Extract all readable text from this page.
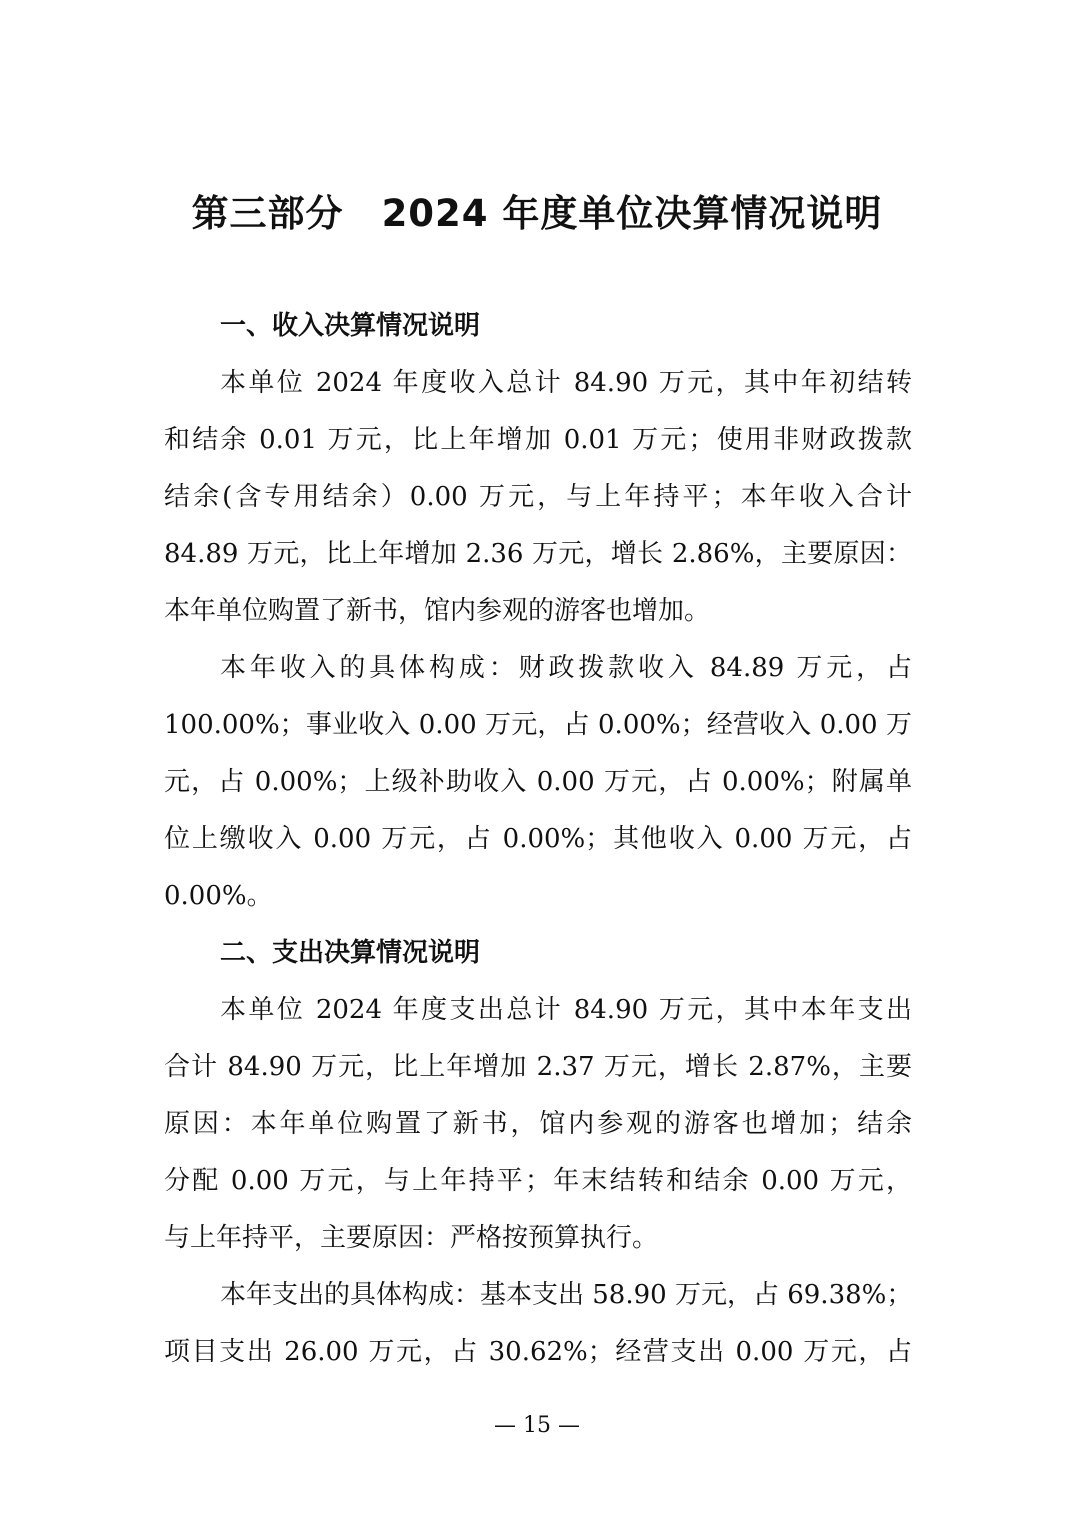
第三部分 2024 年度单位决算情况说明
一、收入决算情况说明

本单位 2024 年度收入总计 84.90 万元，其中年初结转
和结余 0.01 万元，比上年增加 0.01 万元；使用非财政拨款
结余(含专用结余）0.00 万元，与上年持平；本年收入合计
84.89 万元，比上年增加 2.36 万元，增长 2.86%，主要原因：
本年单位购置了新书，馆内参观的游客也增加。

本年收入的具体构成：财政拨款收入 84.89 万元，占
100.00%；事业收入 0.00 万元，占 0.00%；经营收入 0.00 万
元，占 0.00%；上级补助收入 0.00 万元，占 0.00%；附属单
位上缴收入 0.00 万元，占 0.00%；其他收入 0.00 万元，占
0.00%。

二、支出决算情况说明

本单位 2024 年度支出总计 84.90 万元，其中本年支出
合计 84.90 万元，比上年增加 2.37 万元，增长 2.87%，主要
原因：本年单位购置了新书，馆内参观的游客也增加；结余
分配 0.00 万元，与上年持平；年末结转和结余 0.00 万元，
与上年持平，主要原因：严格按预算执行。

本年支出的具体构成：基本支出 58.90 万元，占 69.38%；
项目支出 26.00 万元，占 30.62%；经营支出 0.00 万元，占

— 15 —
